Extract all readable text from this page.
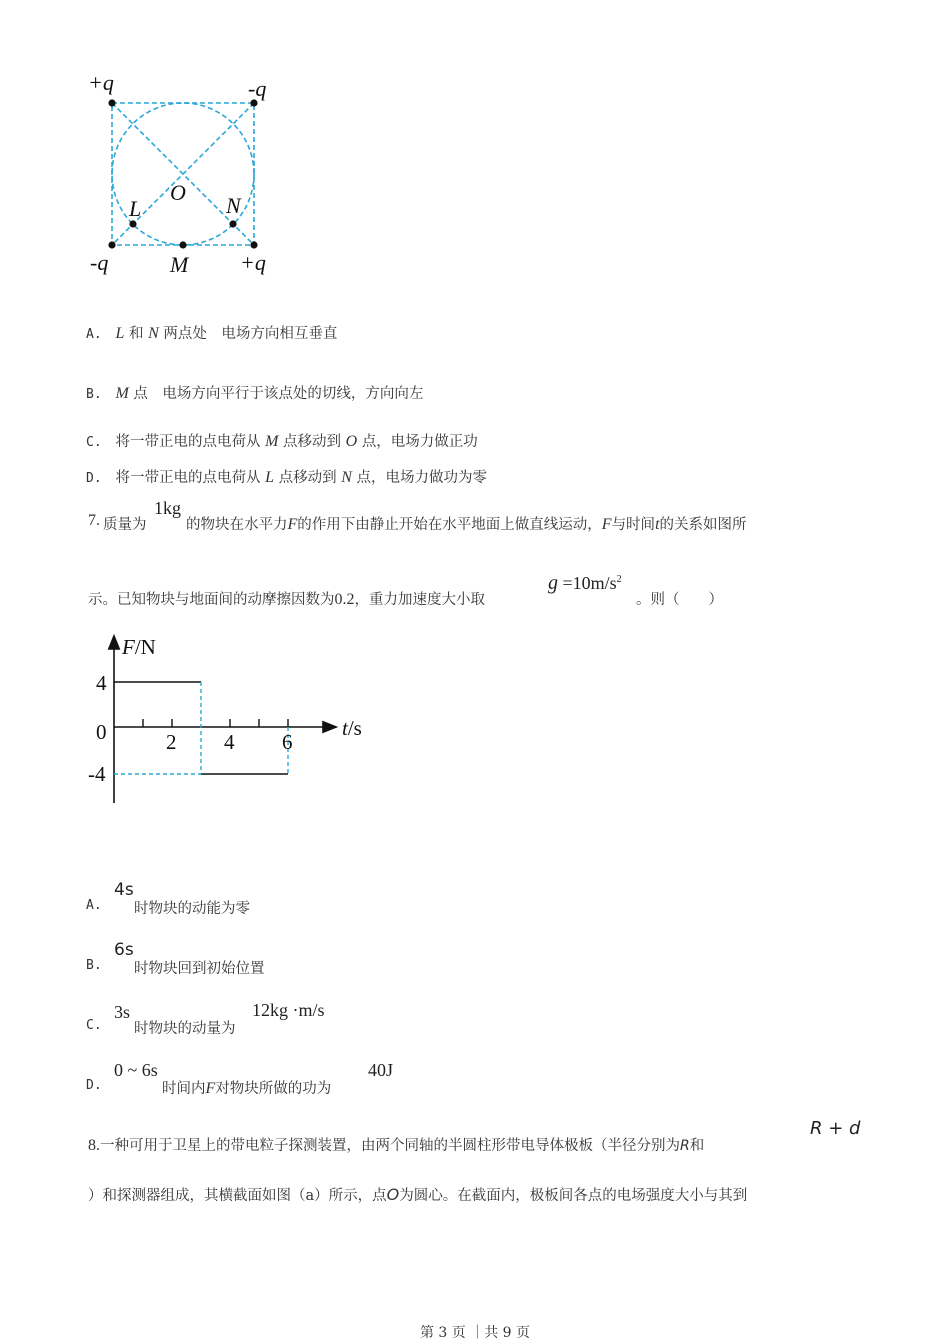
+q	-q
-q	+q
O
L	N
M
A. L 和 N 两点处　电场方向相互垂直
B. M 点　电场方向平行于该点处的切线，方向向左
C. 将一带正电的点电荷从 M 点移动到 O 点，电场力做正功
D. 将一带正电的点电荷从 L 点移动到 N 点，电场力做功为零
7. 质量为
1kg
的物块在水平力F的作用下由静止开始在水平地面上做直线运动，F与时间t的关系如图所
示。已知物块与地面间的动摩擦因数为0.2，重力加速度大小取
$g =10m/s^2$
。则（　　）
F/N
4
0
-4
2 4 6
t/s
A.
4s
时物块的动能为零
B.
6s
时物块回到初始位置
C.
3s
时物块的动量为
12kg ·m/s
D.
0 ~ 6s
时间内F对物块所做的功为
40J
8.一种可用于卫星上的带电粒子探测装置，由两个同轴的半圆柱形带电导体极板（半径分别为R和
R + d
）和探测器组成，其横截面如图（a）所示，点O为圆心。在截面内，极板间各点的电场强度大小与其到
第 3 页 ｜共 9 页
